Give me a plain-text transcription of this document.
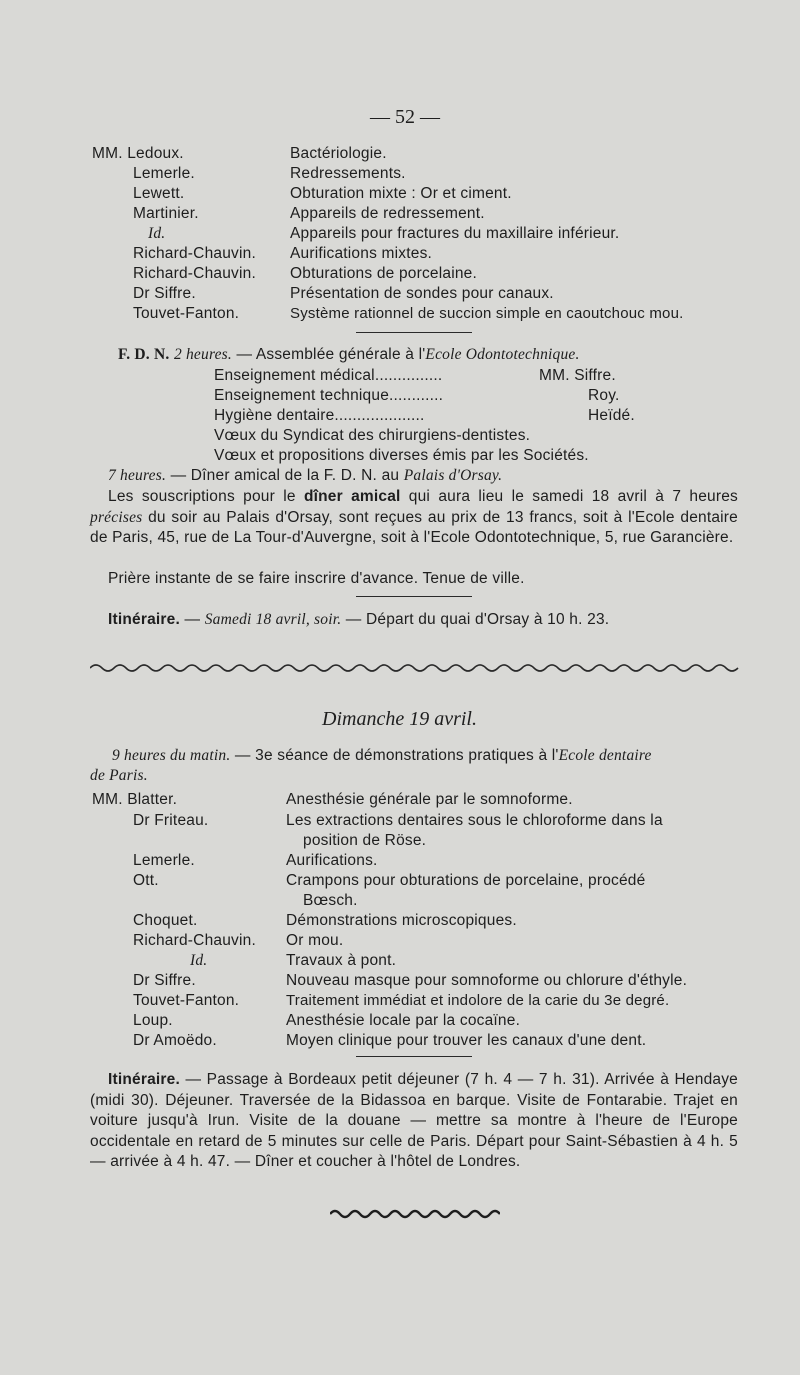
— 52 —
MM. Ledoux.	Bactériologie.
Lemerle.	Redressements.
Lewett.	Obturation mixte : Or et ciment.
Martinier.	Appareils de redressement.
Id.	Appareils pour fractures du maxillaire inférieur.
Richard-Chauvin. Aurifications mixtes.
Richard-Chauvin. Obturations de porcelaine.
Dr Siffre.	Présentation de sondes pour canaux.
Touvet-Fanton.	Système rationnel de succion simple en caoutchouc mou.
F. D. N. 2 heures. — Assemblée générale à l'Ecole Odontotechnique.
Enseignement médical...............	MM. Siffre.
Enseignement technique............	Roy.
Hygiène dentaire....................	Heïdé.
Vœux du Syndicat des chirurgiens-dentistes.
Vœux et propositions diverses émis par les Sociétés.
7 heures. — Dîner amical de la F. D. N. au Palais d'Orsay.
Les souscriptions pour le dîner amical qui aura lieu le samedi 18 avril à 7 heures précises du soir au Palais d'Orsay, sont reçues au prix de 13 francs, soit à l'Ecole dentaire de Paris, 45, rue de La Tour-d'Auvergne, soit à l'Ecole Odontotechnique, 5, rue Garancière.
Prière instante de se faire inscrire d'avance. Tenue de ville.
Itinéraire. — Samedi 18 avril, soir. — Départ du quai d'Orsay à 10 h. 23.
Dimanche 19 avril.
9 heures du matin. — 3e séance de démonstrations pratiques à l'Ecole dentaire
de Paris.
MM. Blatter.	Anesthésie générale par le somnoforme.
Dr Friteau.	Les extractions dentaires sous le chloroforme dans la
position de Röse.
Lemerle.	Aurifications.
Ott.	Crampons pour obturations de porcelaine, procédé
Bœsch.
Choquet.	Démonstrations microscopiques.
Richard-Chauvin. Or mou.
Id.	Travaux à pont.
Dr Siffre.	Nouveau masque pour somnoforme ou chlorure d'éthyle.
Touvet-Fanton.	Traitement immédiat et indolore de la carie du 3e degré.
Loup.	Anesthésie locale par la cocaïne.
Dr Amoëdo.	Moyen clinique pour trouver les canaux d'une dent.
Itinéraire. — Passage à Bordeaux petit déjeuner (7 h. 4 — 7 h. 31). Arrivée à Hendaye (midi 30). Déjeuner. Traversée de la Bidassoa en barque. Visite de Fontarabie. Trajet en voiture jusqu'à Irun. Visite de la douane — mettre sa montre à l'heure de l'Europe occidentale en retard de 5 minutes sur celle de Paris. Départ pour Saint-Sébastien à 4 h. 5 — arrivée à 4 h. 47. — Dîner et coucher à l'hôtel de Londres.
